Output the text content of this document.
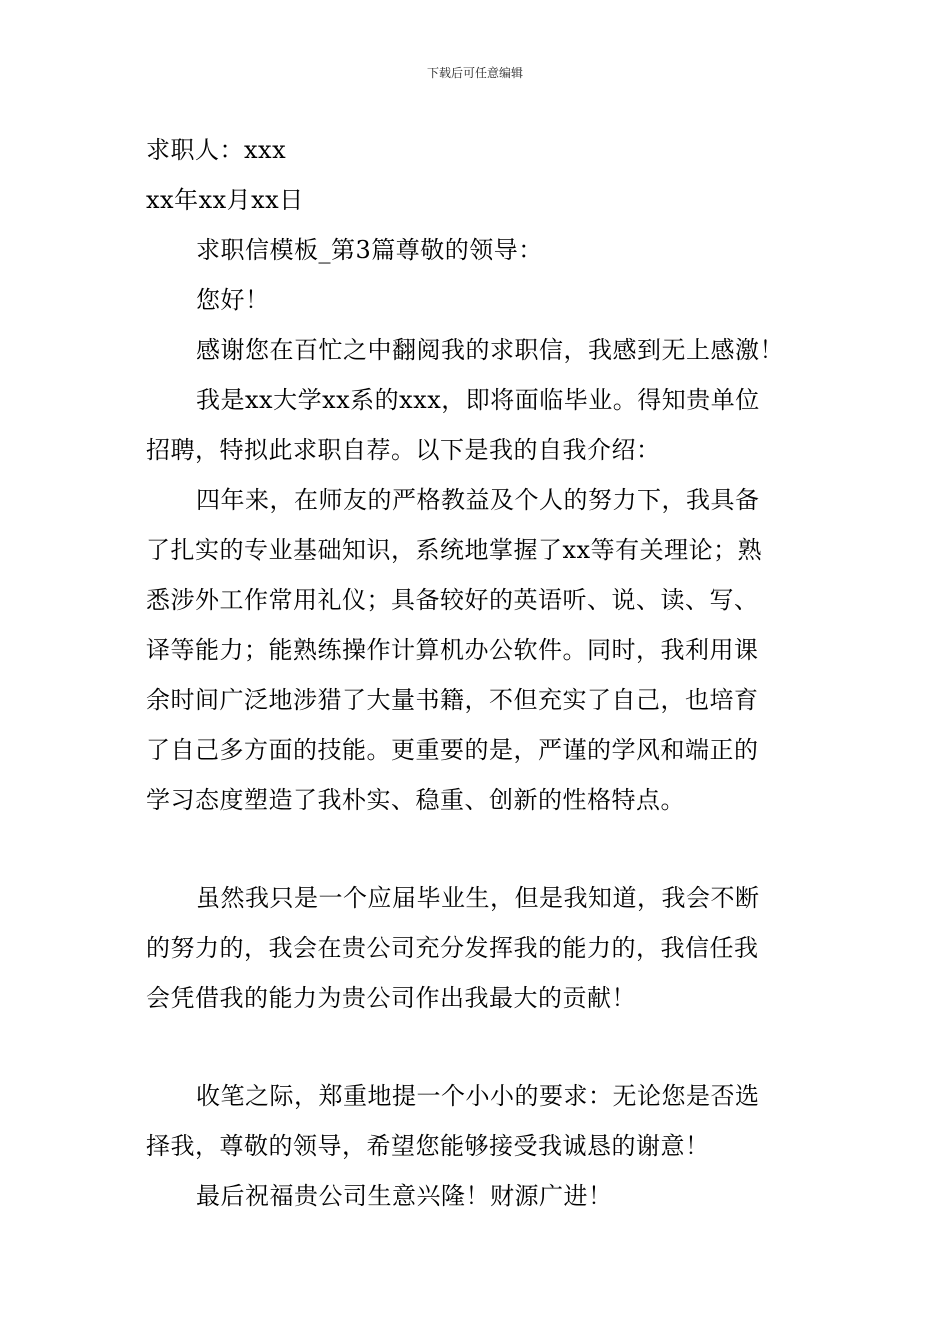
下载后可任意编辑
求职人：xxx
xx年xx月xx日
求职信模板_第3篇尊敬的领导：
您好！
感谢您在百忙之中翻阅我的求职信，我感到无上感激！
我是xx大学xx系的xxx，即将面临毕业。得知贵单位
招聘，特拟此求职自荐。以下是我的自我介绍：
四年来，在师友的严格教益及个人的努力下，我具备
了扎实的专业基础知识，系统地掌握了xx等有关理论；熟
悉涉外工作常用礼仪；具备较好的英语听、说、读、写、
译等能力；能熟练操作计算机办公软件。同时，我利用课
余时间广泛地涉猎了大量书籍，不但充实了自己，也培育
了自己多方面的技能。更重要的是，严谨的学风和端正的
学习态度塑造了我朴实、稳重、创新的性格特点。
虽然我只是一个应届毕业生，但是我知道，我会不断
的努力的，我会在贵公司充分发挥我的能力的，我信任我
会凭借我的能力为贵公司作出我最大的贡献！
收笔之际，郑重地提一个小小的要求：无论您是否选
择我，尊敬的领导，希望您能够接受我诚恳的谢意！
最后祝福贵公司生意兴隆！财源广进！
